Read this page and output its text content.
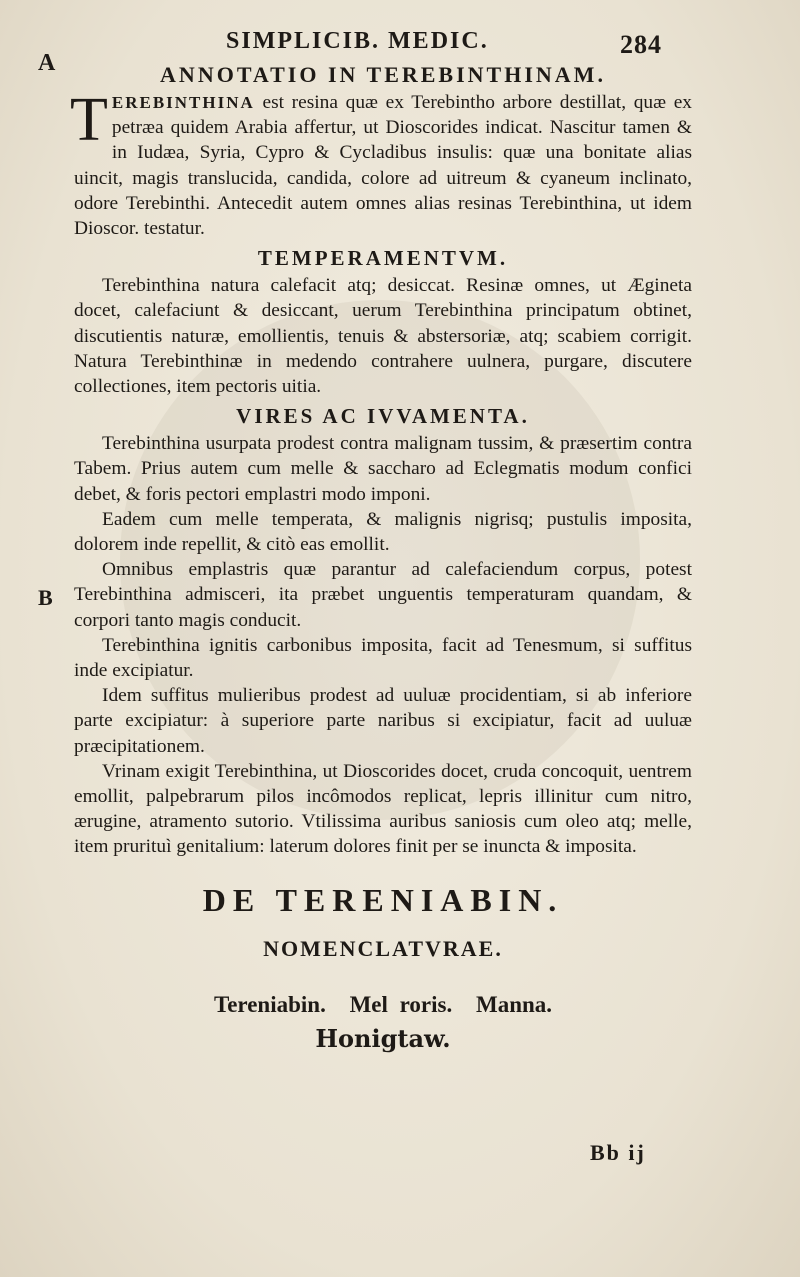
SIMPLICIB. MEDIC.	284
A
B
ANNOTATIO IN TEREBINTHINAM.

TEREBINTHINA est resina quæ ex Terebintho arbore destillat, quæ ex petræa quidem Arabia affertur, ut Dioscorides indicat. Nascitur tamen & in Iudæa, Syria, Cypro & Cycladibus insulis: quæ una bonitate alias uincit, magis translucida, candida, colore ad uitreum & cyaneum inclinato, odore Terebinthi. Antecedit autem omnes alias resinas Terebinthina, ut idem Dioscor. testatur.

TEMPERAMENTVM.

Terebinthina natura calefacit atq; desiccat. Resinæ omnes, ut Ægineta docet, calefaciunt & desiccant, uerum Terebinthina principatum obtinet, discutientis naturæ, emollientis, tenuis & abstersoriæ, atq; scabiem corrigit. Natura Terebinthinæ in medendo contrahere uulnera, purgare, discutere collectiones, item pectoris uitia.

VIRES AC IVVAMENTA.

Terebinthina usurpata prodest contra malignam tussim, & præsertim contra Tabem. Prius autem cum melle & saccharo ad Eclegmatis modum confici debet, & foris pectori emplastri modo imponi.

Eadem cum melle temperata, & malignis nigrisq; pustulis imposita, dolorem inde repellit, & citò eas emollit.

Omnibus emplastris quæ parantur ad calefaciendum corpus, potest Terebinthina admisceri, ita præbet unguentis temperaturam quandam, & corpori tanto magis conducit.

Terebinthina ignitis carbonibus imposita, facit ad Tenesmum, si suffitus inde excipiatur.

Idem suffitus mulieribus prodest ad uuluæ procidentiam, si ab inferiore parte excipiatur: à superiore parte naribus si excipiatur, facit ad uuluæ præcipitationem.

Vrinam exigit Terebinthina, ut Dioscorides docet, cruda concoquit, uentrem emollit, palpebrarum pilos incômodos replicat, lepris illinitur cum nitro, ærugine, atramento sutorio. Vtilissima auribus saniosis cum oleo atq; melle, item prurituì genitalium: laterum dolores finit per se inuncta & imposita.

DE TERENIABIN.
NOMENCLATVRAE.
Tereniabin. Mel roris. Manna.
Honigtaw.
Bb ij
